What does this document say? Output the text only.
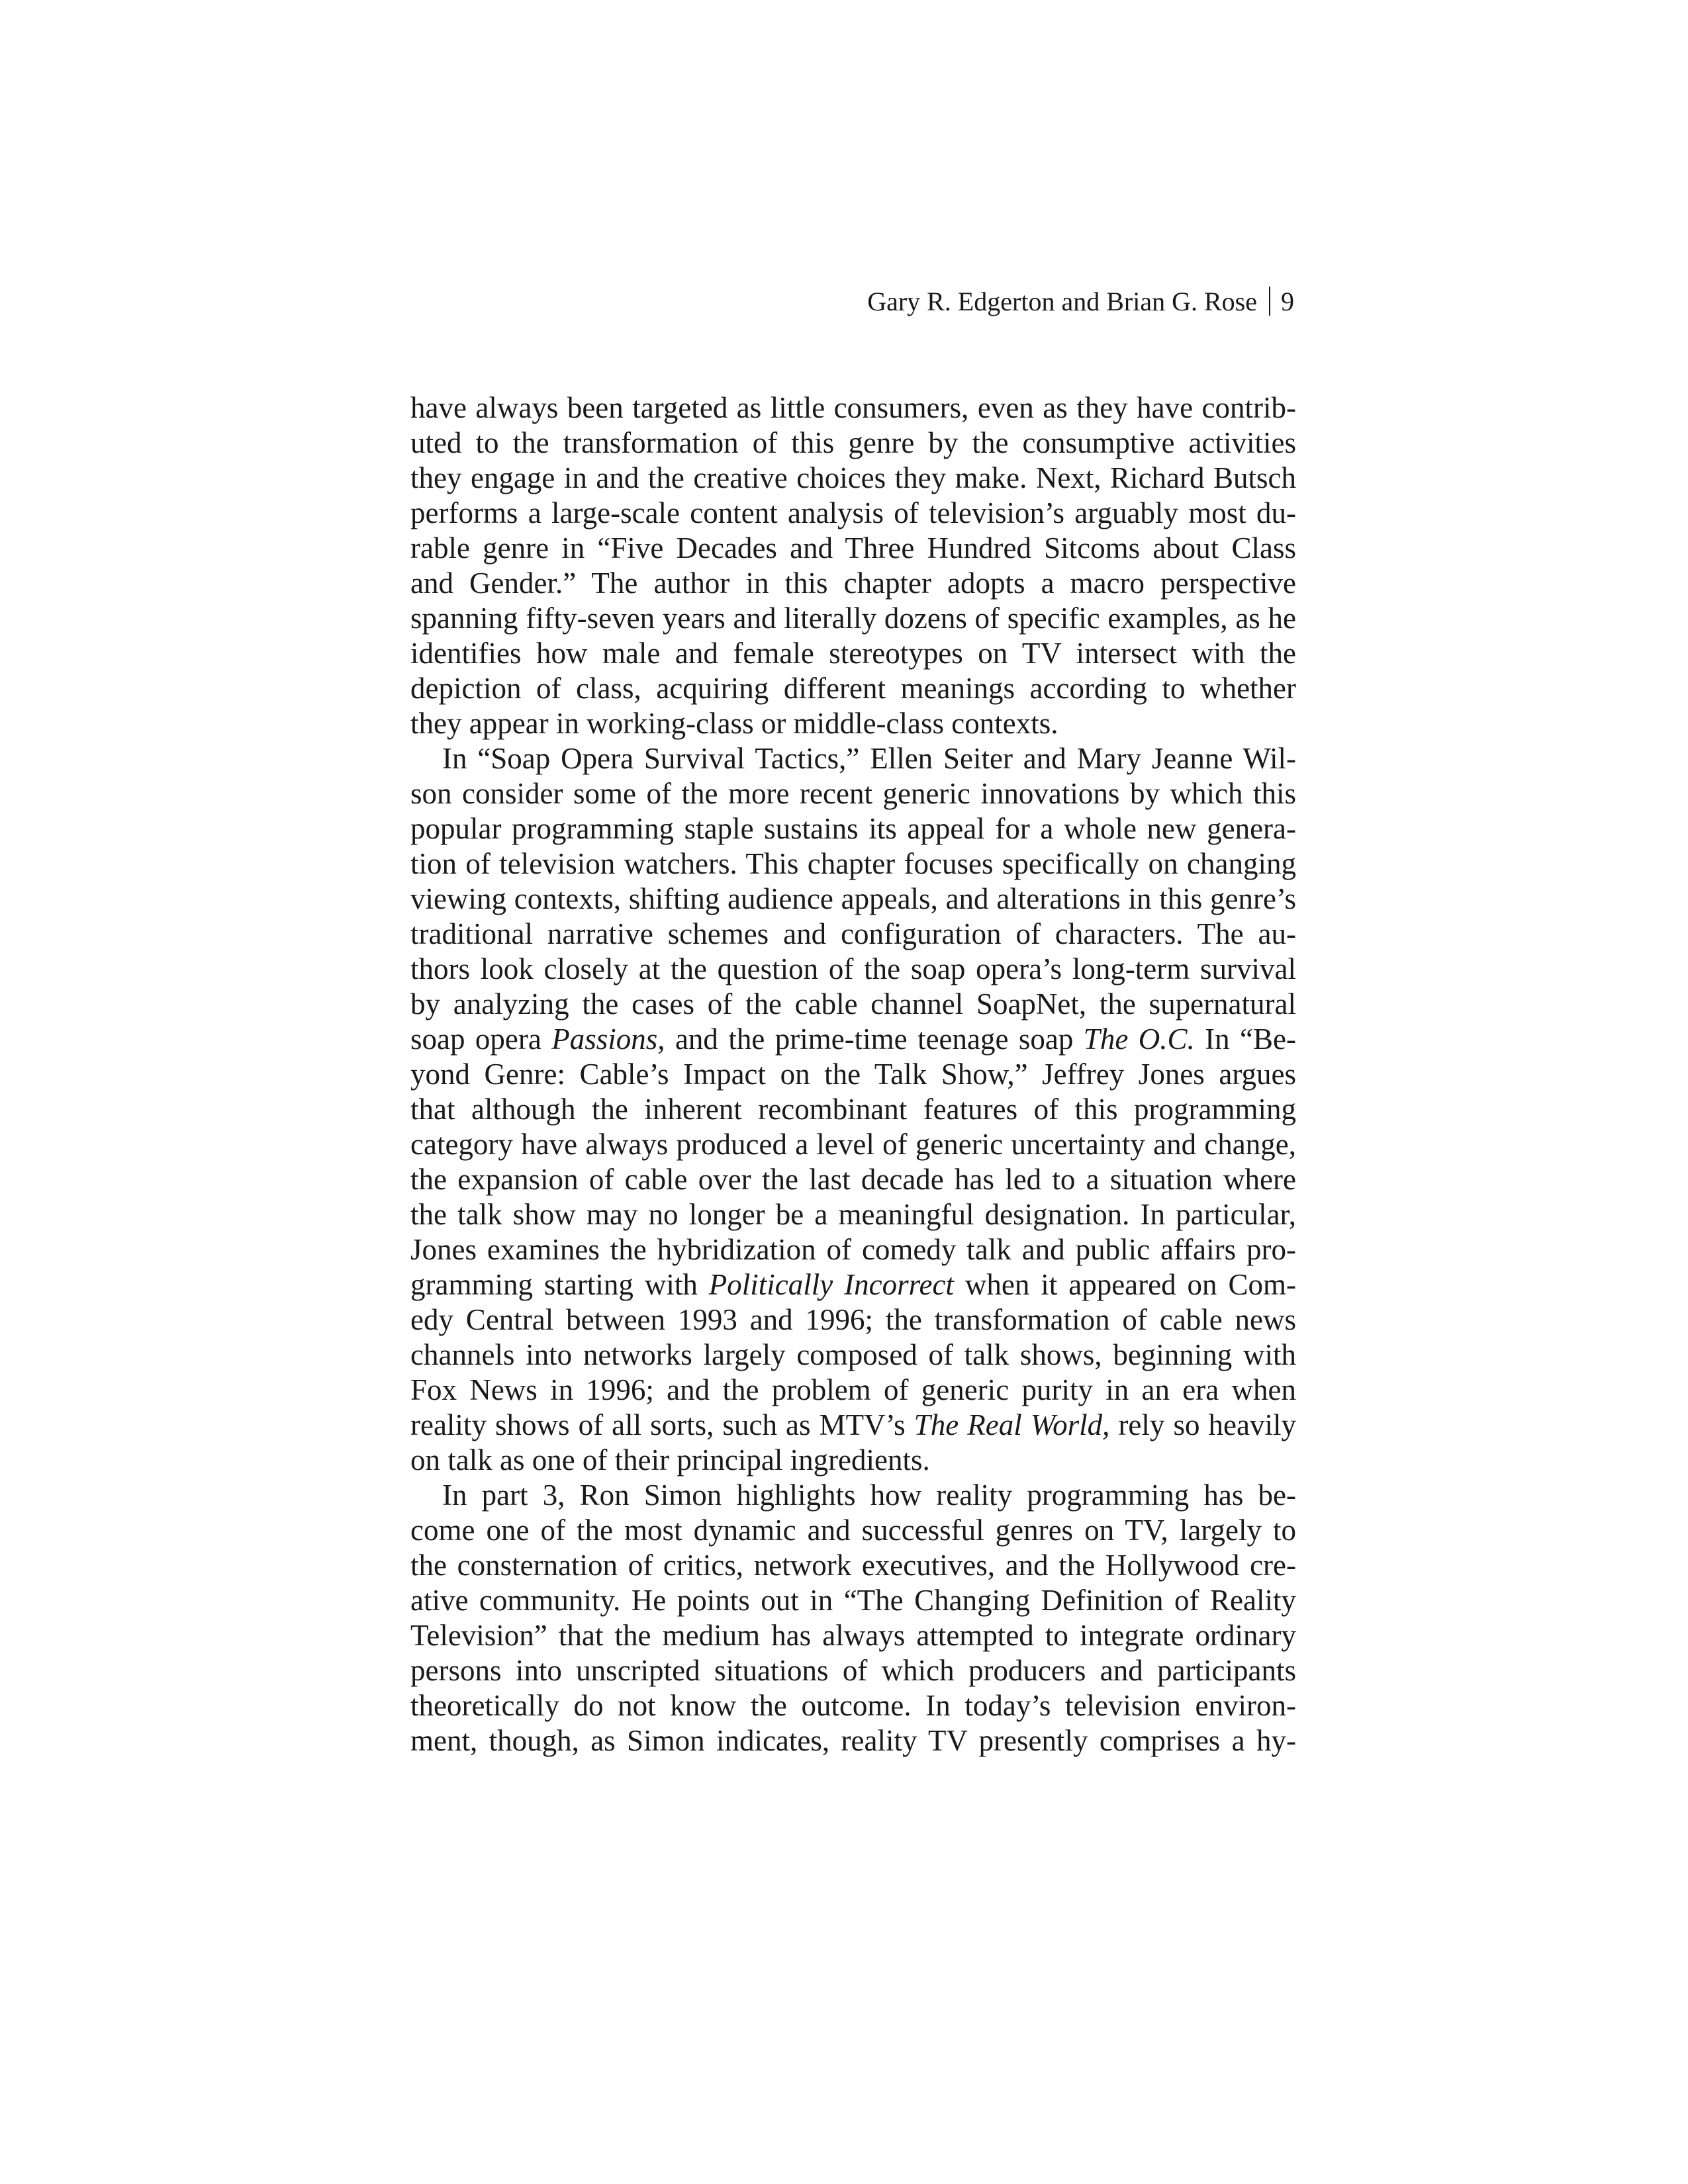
Gary R. Edgerton and Brian G. Rose 9
have always been targeted as little consumers, even as they have contrib-
uted to the transformation of this genre by the consumptive activities
they engage in and the creative choices they make. Next, Richard Butsch
performs a large-scale content analysis of television’s arguably most du-
rable genre in “Five Decades and Three Hundred Sitcoms about Class
and Gender.” The author in this chapter adopts a macro perspective
spanning fifty-seven years and literally dozens of specific examples, as he
identifies how male and female stereotypes on TV intersect with the
depiction of class, acquiring different meanings according to whether
they appear in working-class or middle-class contexts.
In “Soap Opera Survival Tactics,” Ellen Seiter and Mary Jeanne Wil-
son consider some of the more recent generic innovations by which this
popular programming staple sustains its appeal for a whole new genera-
tion of television watchers. This chapter focuses specifically on changing
viewing contexts, shifting audience appeals, and alterations in this genre’s
traditional narrative schemes and configuration of characters. The au-
thors look closely at the question of the soap opera’s long-term survival
by analyzing the cases of the cable channel SoapNet, the supernatural
soap opera Passions, and the prime-time teenage soap The O.C. In “Be-
yond Genre: Cable’s Impact on the Talk Show,” Jeffrey Jones argues
that although the inherent recombinant features of this programming
category have always produced a level of generic uncertainty and change,
the expansion of cable over the last decade has led to a situation where
the talk show may no longer be a meaningful designation. In particular,
Jones examines the hybridization of comedy talk and public affairs pro-
gramming starting with Politically Incorrect when it appeared on Com-
edy Central between 1993 and 1996; the transformation of cable news
channels into networks largely composed of talk shows, beginning with
Fox News in 1996; and the problem of generic purity in an era when
reality shows of all sorts, such as MTV’s The Real World, rely so heavily
on talk as one of their principal ingredients.
In part 3, Ron Simon highlights how reality programming has be-
come one of the most dynamic and successful genres on TV, largely to
the consternation of critics, network executives, and the Hollywood cre-
ative community. He points out in “The Changing Definition of Reality
Television” that the medium has always attempted to integrate ordinary
persons into unscripted situations of which producers and participants
theoretically do not know the outcome. In today’s television environ-
ment, though, as Simon indicates, reality TV presently comprises a hy-
